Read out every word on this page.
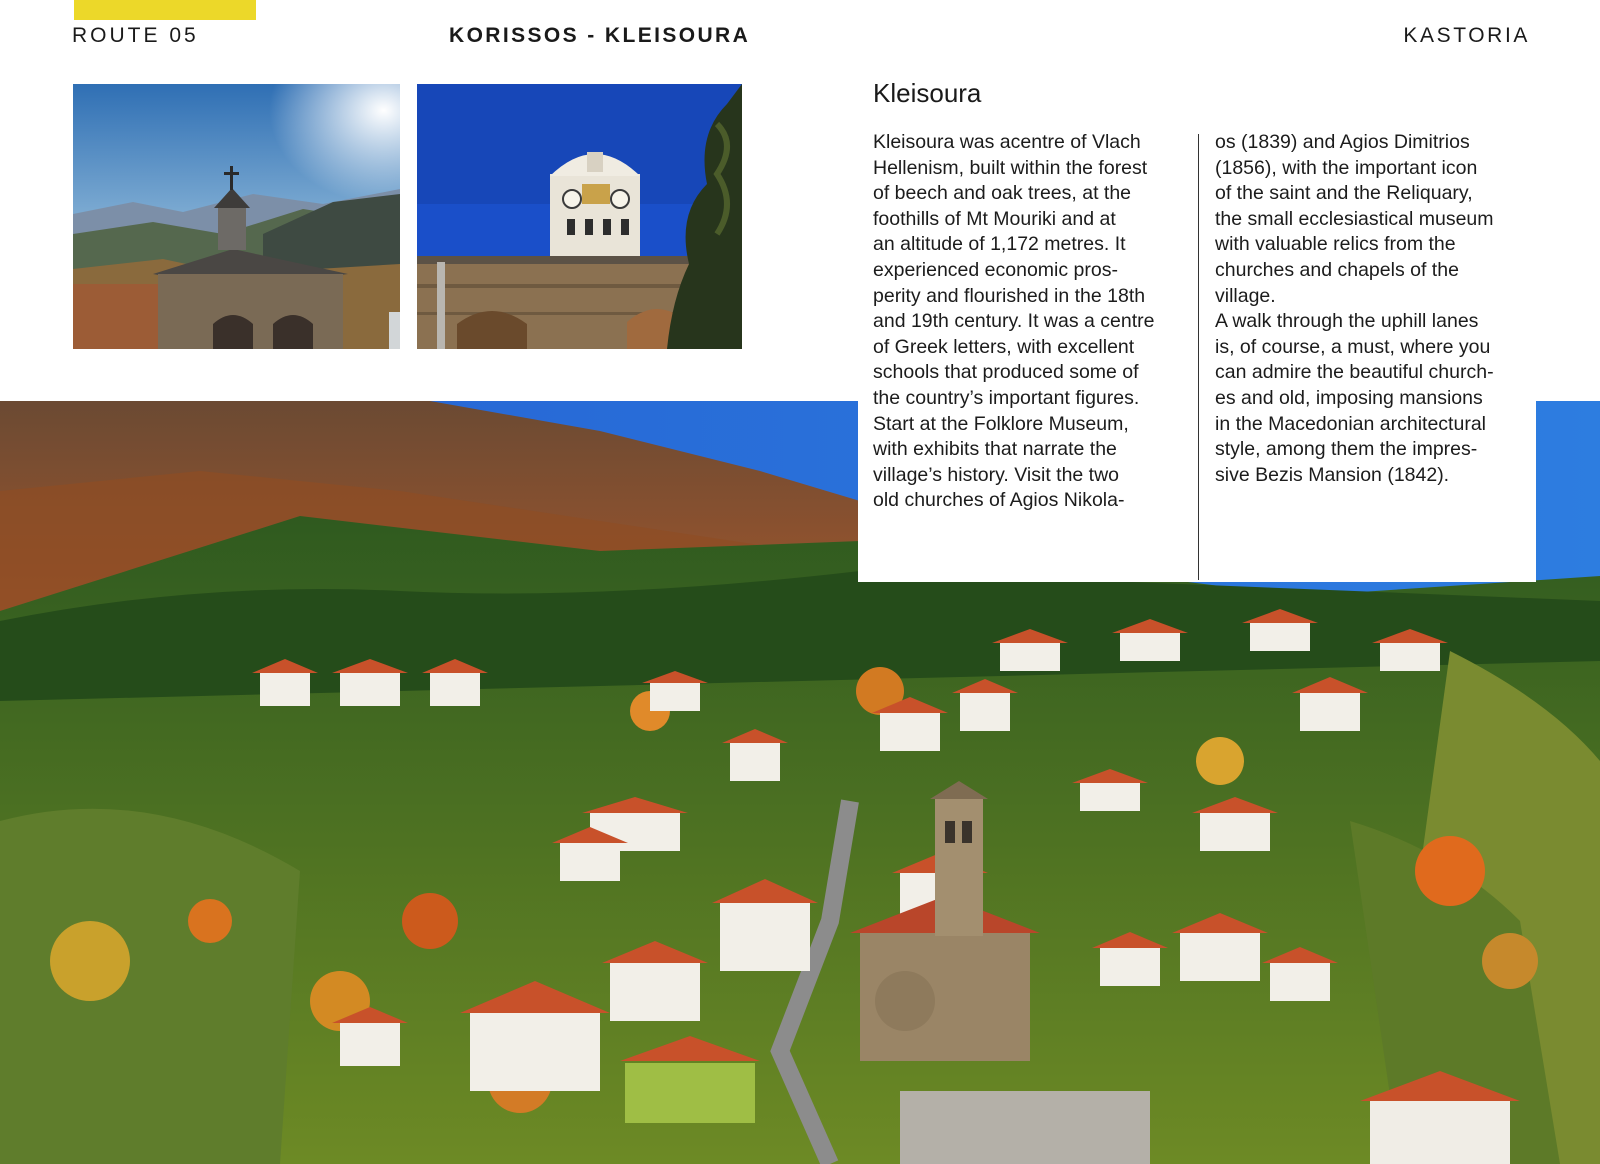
ROUTE 05	KORISSOS - KLEISOURA	KASTORIA
Kleisoura

Kleisoura was acentre of Vlach
Hellenism, built within the forest
of beech and oak trees, at the
foothills of Mt Mouriki and at
an altitude of 1,172 metres. It
experienced economic pros-
perity and flourished in the 18th
and 19th century. It was a centre
of Greek letters, with excellent
schools that produced some of
the country’s important figures.
Start at the Folklore Museum,
with exhibits that narrate the
village’s history. Visit the two
old churches of Agios Nikola-

os (1839) and Agios Dimitrios
(1856), with the important icon
of the saint and the Reliquary,
the small ecclesiastical museum
with valuable relics from the
churches and chapels of the
village.
A walk through the uphill lanes
is, of course, a must, where you
can admire the beautiful church-
es and old, imposing mansions
in the Macedonian architectural
style, among them the impres-
sive Bezis Mansion (1842).
